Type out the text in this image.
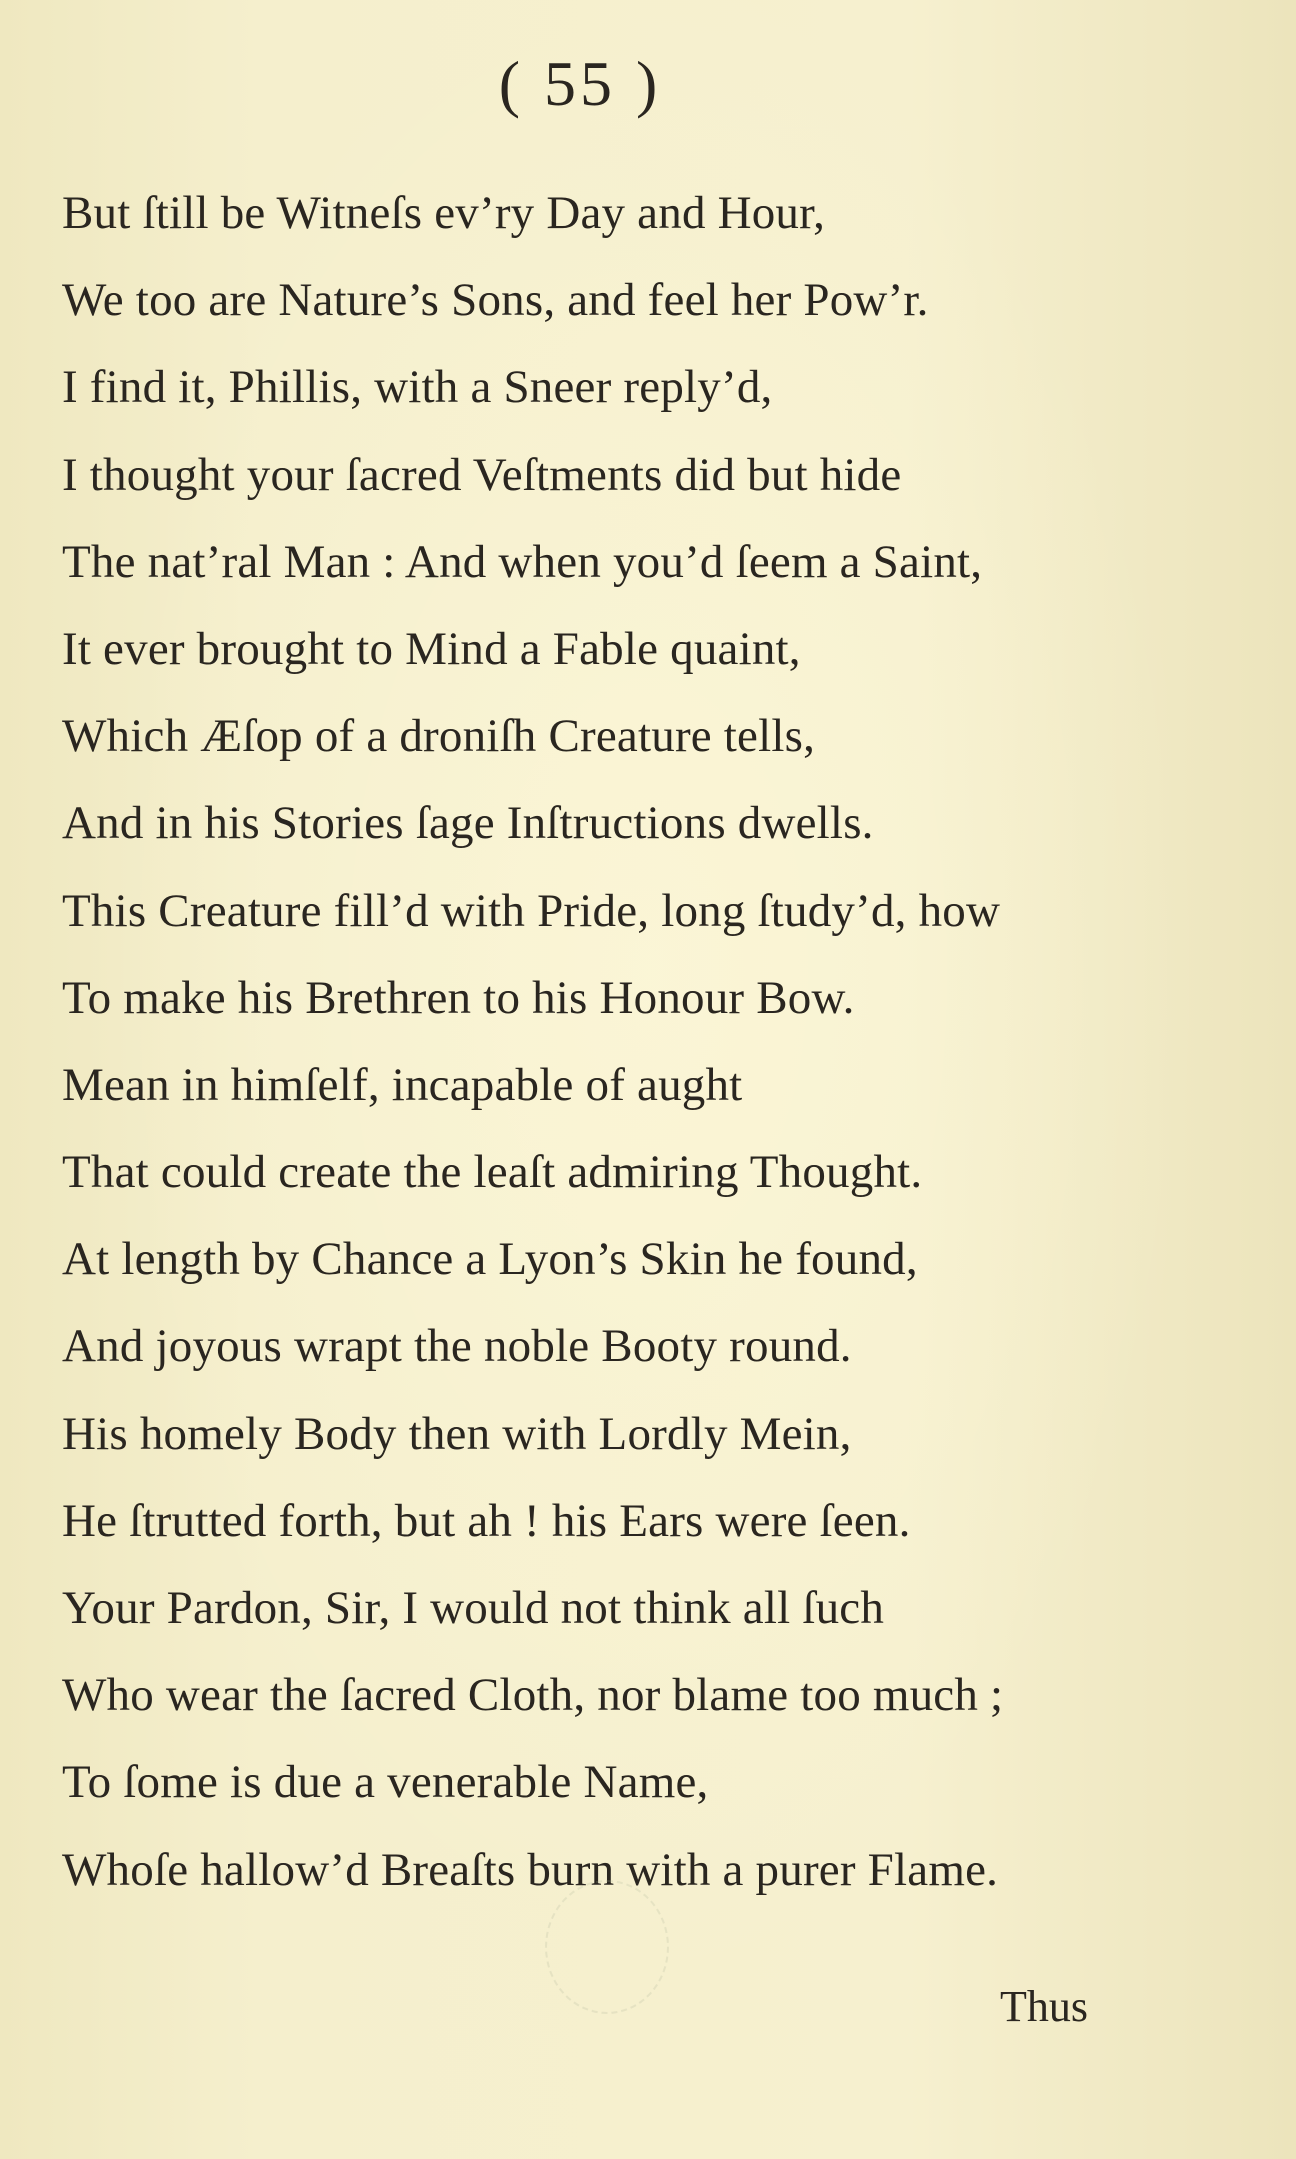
( 55 )
But ſtill be Witneſs ev’ry Day and Hour,
We too are Nature’s Sons, and feel her Pow’r.
I find it, Phillis, with a Sneer reply’d,
I thought your ſacred Veſtments did but hide
The nat’ral Man : And when you’d ſeem a Saint,
It ever brought to Mind a Fable quaint,
Which Æſop of a droniſh Creature tells,
And in his Stories ſage Inſtructions dwells.
This Creature fill’d with Pride, long ſtudy’d, how
To make his Brethren to his Honour Bow.
Mean in himſelf, incapable of aught
That could create the leaſt admiring Thought.
At length by Chance a Lyon’s Skin he found,
And joyous wrapt the noble Booty round.
His homely Body then with Lordly Mein,
He ſtrutted forth, but ah ! his Ears were ſeen.
Your Pardon, Sir, I would not think all ſuch
Who wear the ſacred Cloth, nor blame too much ;
To ſome is due a venerable Name,
Whoſe hallow’d Breaſts burn with a purer Flame.
Thus
